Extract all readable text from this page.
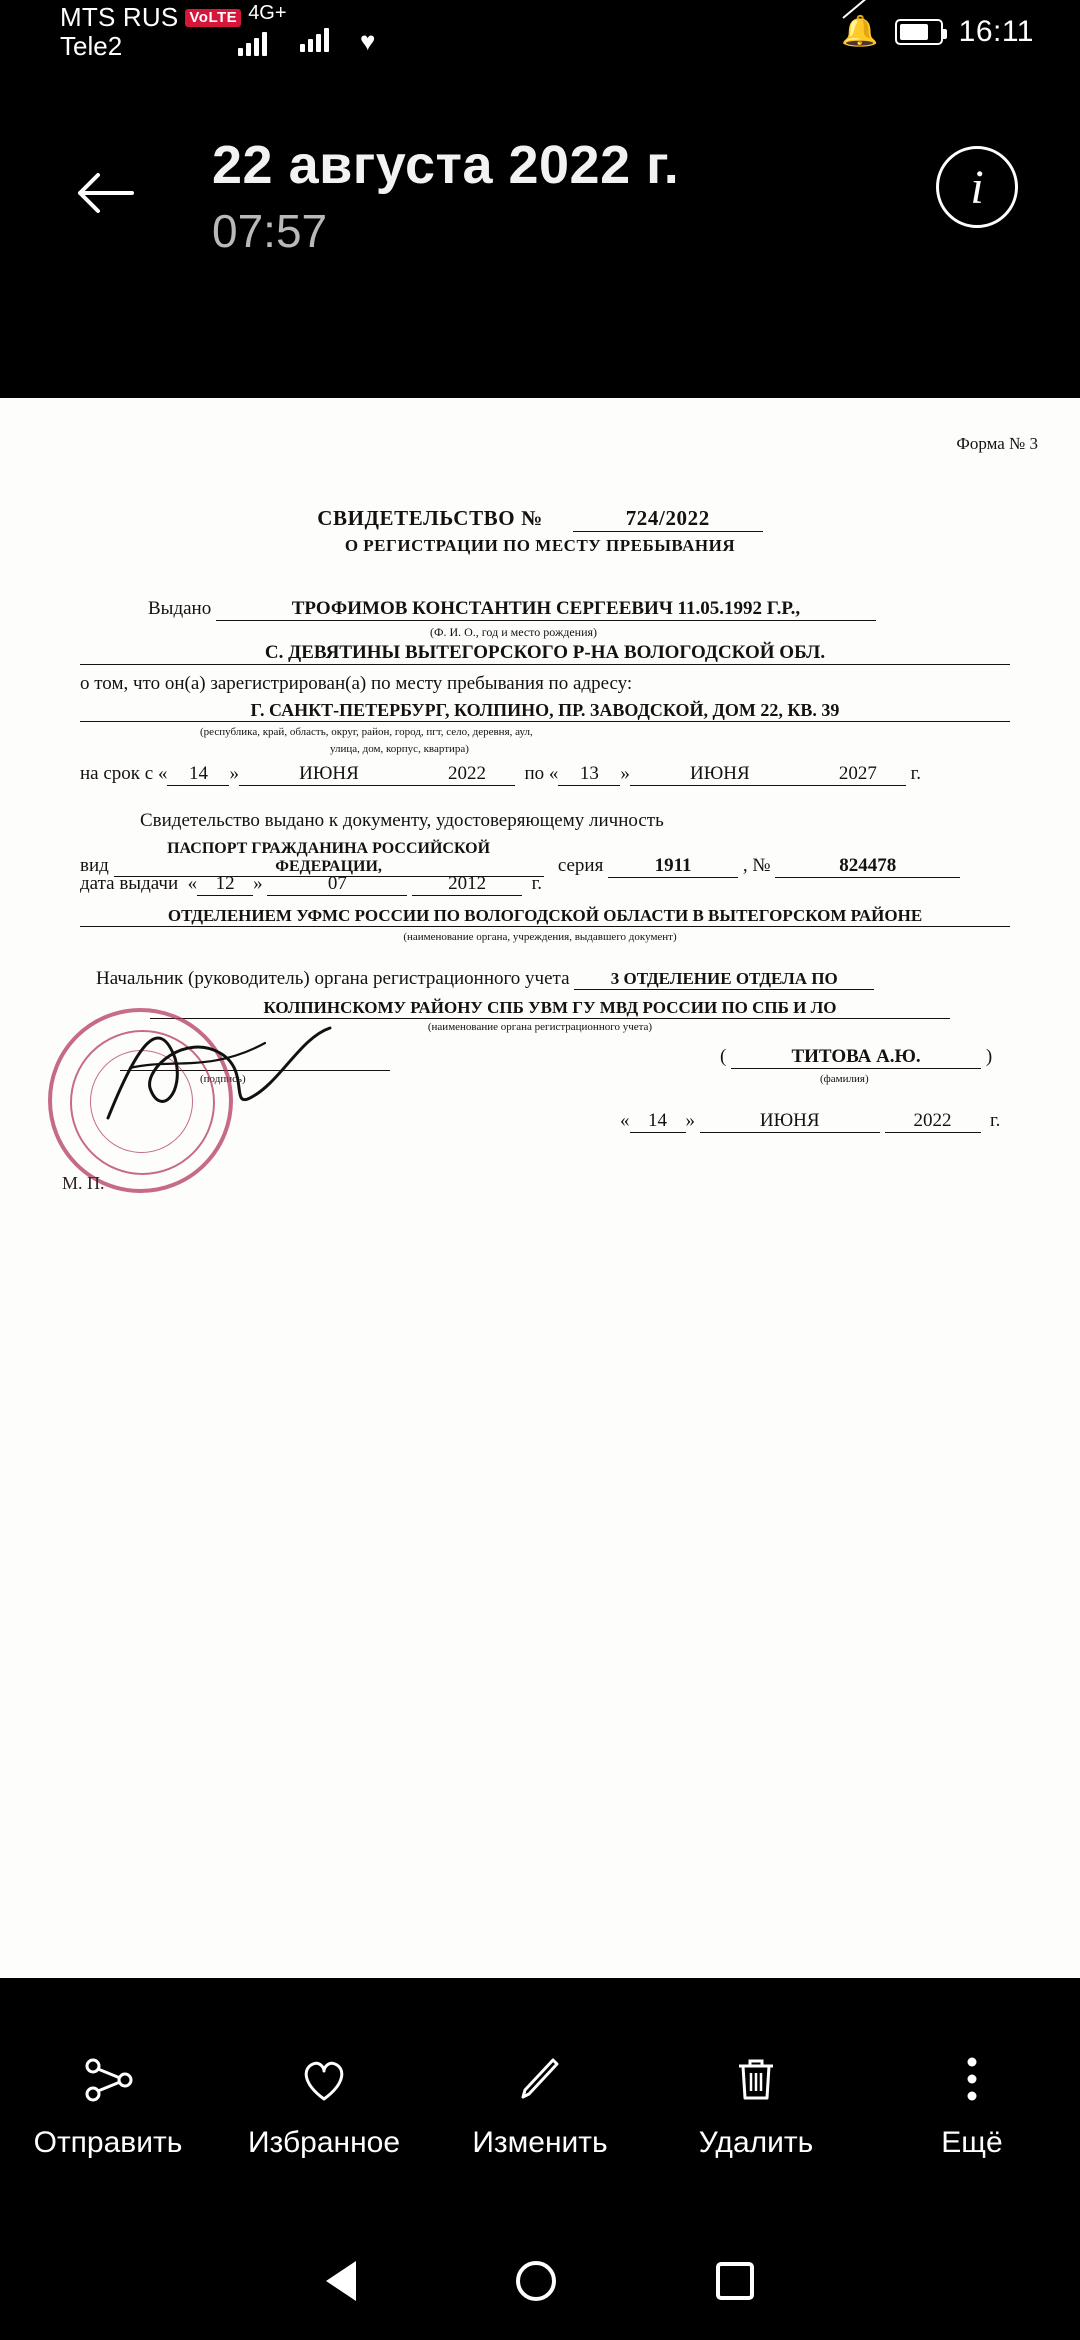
MTS RUS VoLTE 4G+
Tele2	♥	🔔	16:11
22 августа 2022 г.
07:57
i
Форма № 3
СВИДЕТЕЛЬСТВО №	724/2022
О РЕГИСТРАЦИИ ПО МЕСТУ ПРЕБЫВАНИЯ
Выдано	ТРОФИМОВ КОНСТАНТИН СЕРГЕЕВИЧ 11.05.1992 Г.Р.,
(Ф. И. О., год и место рождения)
С. ДЕВЯТИНЫ ВЫТЕГОРСКОГО Р-НА ВОЛОГОДСКОЙ ОБЛ.
о том, что он(а) зарегистрирован(а) по месту пребывания по адресу:
Г. САНКТ-ПЕТЕРБУРГ, КОЛПИНО, ПР. ЗАВОДСКОЙ, ДОМ 22, КВ. 39
(республика, край, область, округ, район, город, пгт, село, деревня, аул,
улица, дом, корпус, квартира)
на срок с «	14	»	ИЮНЯ	2022
	по «	13	»	ИЮНЯ	2027
	г.
Свидетельство выдано к документу, удостоверяющему личность
вид ПАСПОРТ ГРАЖДАНИНА РОССИЙСКОЙ ФЕДЕРАЦИИ,	серия	1911	, №	824478
дата выдачи  « 12 »	07	2012 г.
ОТДЕЛЕНИЕМ УФМС РОССИИ ПО ВОЛОГОДСКОЙ ОБЛАСТИ В ВЫТЕГОРСКОМ РАЙОНЕ
(наименование органа, учреждения, выдавшего документ)
Начальник (руководитель) органа регистрационного учета 3 ОТДЕЛЕНИЕ ОТДЕЛА ПО
КОЛПИНСКОМУ РАЙОНУ СПБ УВМ ГУ МВД РОССИИ ПО СПБ И ЛО
(наименование органа регистрационного учета)
(подпись)
(	ТИТОВА А.Ю.	)
(фамилия)
« 14 »	ИЮНЯ	2022 г.
М. П.
Отправить Избранное Изменить	Удалить	Ещё
